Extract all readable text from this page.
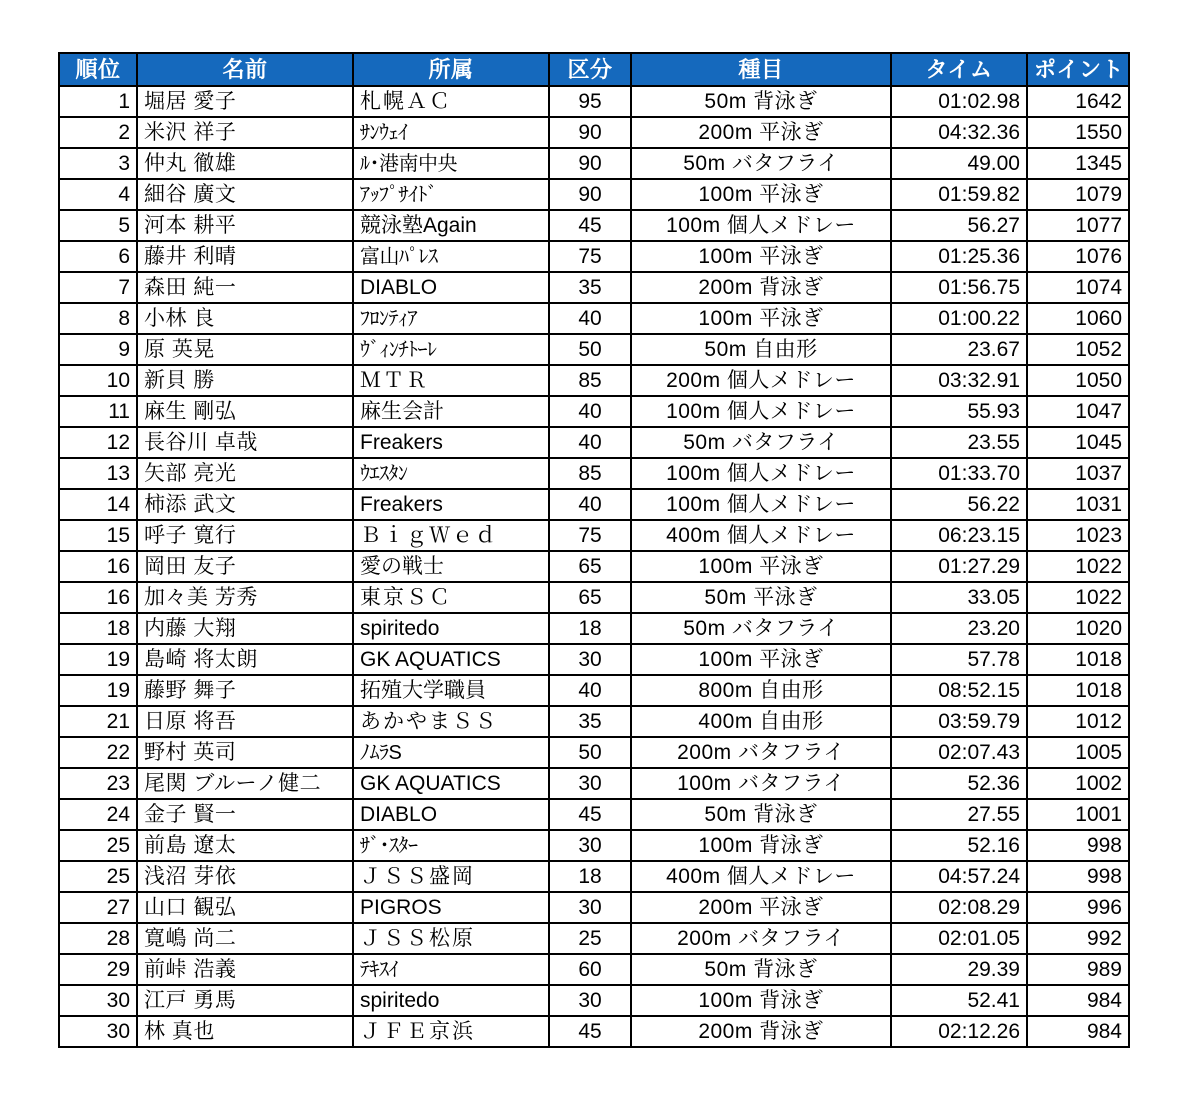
順位	名前	所属	区分	種目	タイム	ポイント
1	堀居 愛子	札幌ＡＣ	95	50m 背泳ぎ	01:02.98	1642
2	米沢 祥子	ｻﾝｳｪｲ	90	200m 平泳ぎ	04:32.36	1550
3	仲丸 徹雄	ﾙ･港南中央	90	50m バタフライ	49.00	1345
4	細谷 廣文	ｱｯﾌﾟｻｲﾄﾞ	90	100m 平泳ぎ	01:59.82	1079
5	河本 耕平	競泳塾Again	45	100m 個人メドレー	56.27	1077
6	藤井 利晴	富山ﾊﾟﾚｽ	75	100m 平泳ぎ	01:25.36	1076
7	森田 純一	DIABLO	35	200m 背泳ぎ	01:56.75	1074
8	小林 良	ﾌﾛﾝﾃｨｱ	40	100m 平泳ぎ	01:00.22	1060
9	原 英晃	ｳﾞｨﾝﾁﾄｰﾚ	50	50m 自由形	23.67	1052
10	新貝 勝	ＭＴＲ	85	200m 個人メドレー	03:32.91	1050
11	麻生 剛弘	麻生会計	40	100m 個人メドレー	55.93	1047
12	長谷川 卓哉	Freakers	40	50m バタフライ	23.55	1045
13	矢部 亮光	ｳｴｽﾀﾝ	85	100m 個人メドレー	01:33.70	1037
14	柿添 武文	Freakers	40	100m 個人メドレー	56.22	1031
15	呼子 寛行	ＢｉｇＷｅｄ	75	400m 個人メドレー	06:23.15	1023
16	岡田 友子	愛の戦士	65	100m 平泳ぎ	01:27.29	1022
16	加々美 芳秀	東京ＳＣ	65	50m 平泳ぎ	33.05	1022
18	内藤 大翔	spiritedo	18	50m バタフライ	23.20	1020
19	島崎 将太朗	GK AQUATICS	30	100m 平泳ぎ	57.78	1018
19	藤野 舞子	拓殖大学職員	40	800m 自由形	08:52.15	1018
21	日原 将吾	あかやまＳＳ	35	400m 自由形	03:59.79	1012
22	野村 英司	ﾉﾑﾗS	50	200m バタフライ	02:07.43	1005
23	尾関 ブルーノ健二	GK AQUATICS	30	100m バタフライ	52.36	1002
24	金子 賢一	DIABLO	45	50m 背泳ぎ	27.55	1001
25	前島 遼太	ｻﾞ･ｽﾀｰ	30	100m 背泳ぎ	52.16	998
25	浅沼 芽依	ＪＳＳ盛岡	18	400m 個人メドレー	04:57.24	998
27	山口 観弘	PIGROS	30	200m 平泳ぎ	02:08.29	996
28	寛嶋 尚二	ＪＳＳ松原	25	200m バタフライ	02:01.05	992
29	前峠 浩義	ﾃｷｽｲ	60	50m 背泳ぎ	29.39	989
30	江戸 勇馬	spiritedo	30	100m 背泳ぎ	52.41	984
30	林 真也	ＪＦＥ京浜	45	200m 背泳ぎ	02:12.26	984
